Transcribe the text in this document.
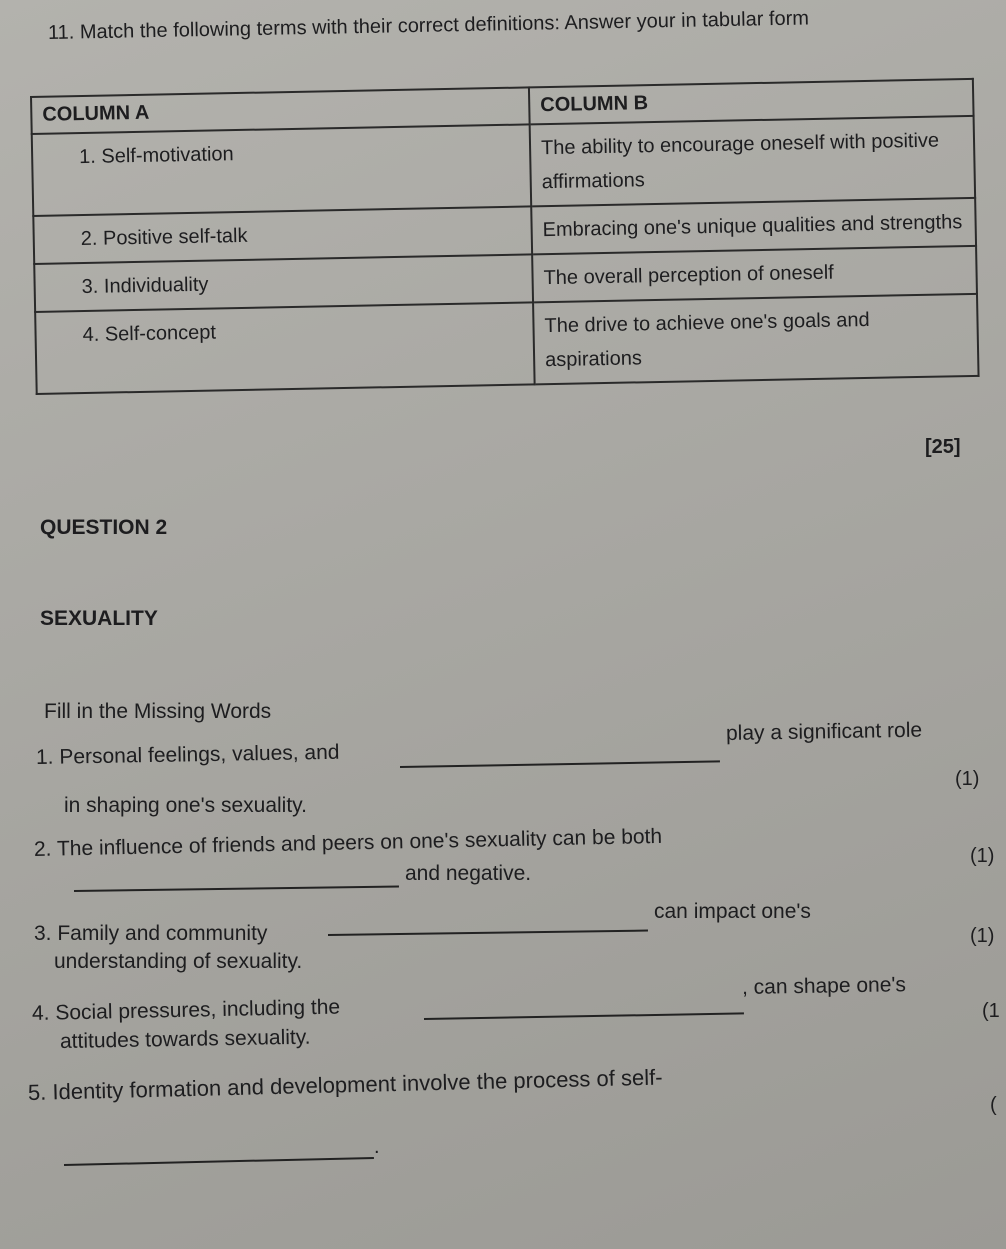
11. Match the following terms with their correct definitions: Answer your in tabular form
COLUMN A	COLUMN B
1. Self-motivation	The ability to encourage oneself with positive affirmations
2. Positive self-talk	Embracing one's unique qualities and strengths
3. Individuality	The overall perception of oneself
4. Self-concept	The drive to achieve one's goals and aspirations
[25]
QUESTION 2
SEXUALITY
Fill in the Missing Words
1. Personal feelings, values, and
play a significant role
(1)
in shaping one's sexuality.
2. The influence of friends and peers on one's sexuality can be both	(1)
and negative.
3. Family and community
can impact one's
(1)
understanding of sexuality.
4. Social pressures, including the
, can shape one's
(1
attitudes towards sexuality.
5. Identity formation and development involve the process of self-
.
(
